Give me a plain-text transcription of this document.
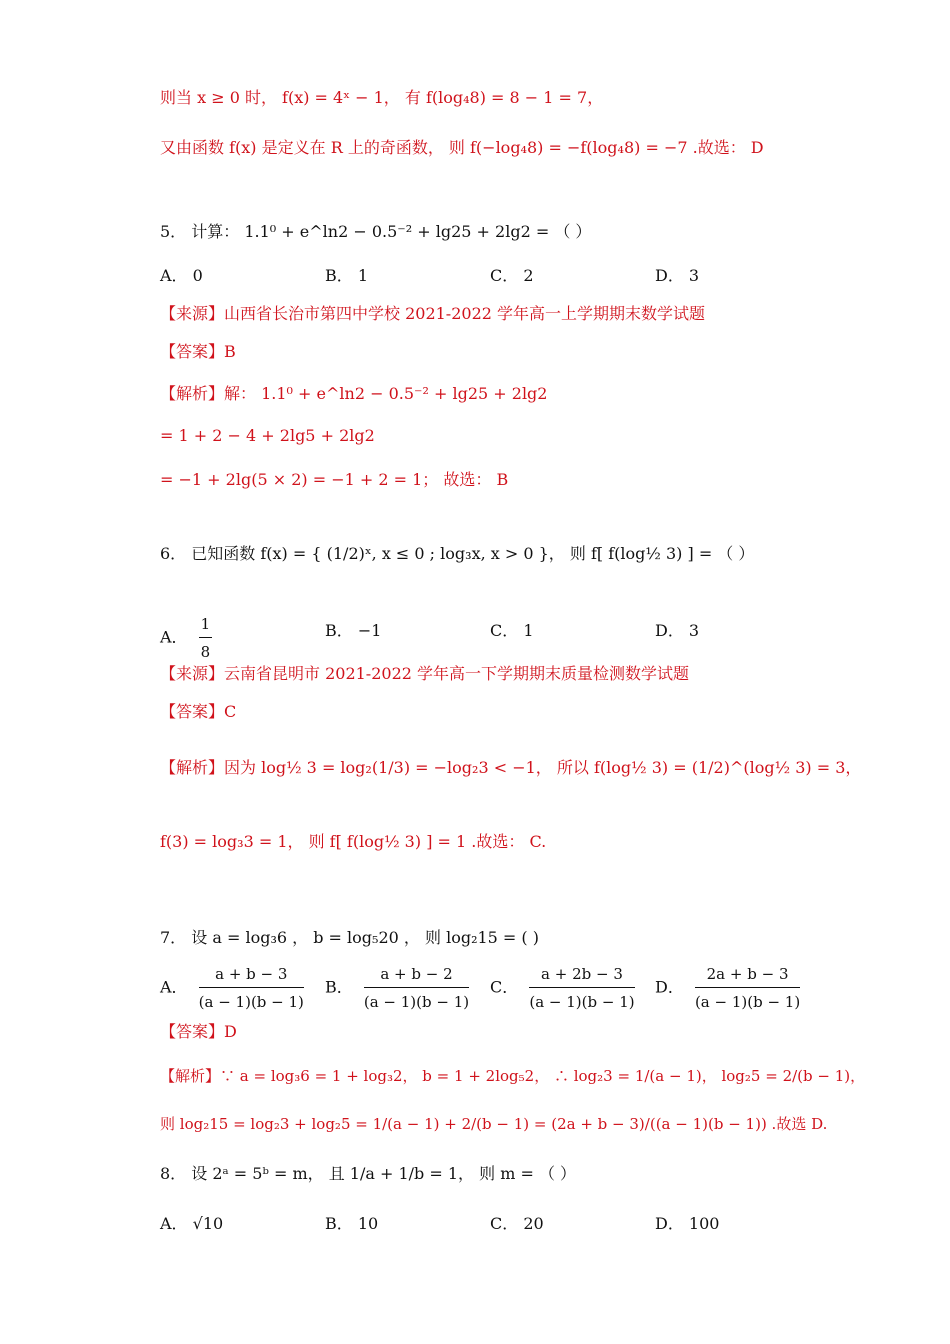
则当 x ≥ 0 时， f(x) = 4ˣ − 1， 有 f(log₄8) = 8 − 1 = 7，
又由函数 f(x) 是定义在 R 上的奇函数， 则 f(−log₄8) = −f(log₄8) = −7 .故选： D
5． 计算： 1.1⁰ + e^ln2 − 0.5⁻² + lg25 + 2lg2 = （ ）
A． 0	B． 1	C． 2	D． 3
【来源】山西省长治市第四中学校 2021-2022 学年高一上学期期末数学试题
【答案】B
【解析】解： 1.1⁰ + e^ln2 − 0.5⁻² + lg25 + 2lg2
= 1 + 2 − 4 + 2lg5 + 2lg2
= −1 + 2lg(5 × 2) = −1 + 2 = 1； 故选： B
6． 已知函数 f(x) = { (1/2)ˣ, x ≤ 0 ; log₃x, x > 0 }， 则 f[ f(log½ 3) ] = （ ）
A． $\frac{1}{8}$	B． −1	C． 1	D． 3
【来源】云南省昆明市 2021-2022 学年高一下学期期末质量检测数学试题
【答案】C
【解析】因为 log½ 3 = log₂(1/3) = −log₂3 < −1， 所以 f(log½ 3) = (1/2)^(log½ 3) = 3，
f(3) = log₃3 = 1， 则 f[ f(log½ 3) ] = 1 .故选： C.
7． 设 a = log₃6 ， b = log₅20 ， 则 log₂15 = ( )
A． $\frac{a + b - 3}{(a - 1)(b - 1)}$ B． $\frac{a + b - 2}{(a - 1)(b - 1)}$ C． $\frac{a + 2b - 3}{(a - 1)(b - 1)}$ D． $\frac{2a + b - 3}{(a - 1)(b - 1)}$
【答案】D
【解析】∵ a = log₃6 = 1 + log₃2， b = 1 + 2log₅2， ∴ log₂3 = 1/(a − 1)， log₂5 = 2/(b − 1)，
则 log₂15 = log₂3 + log₂5 = 1/(a − 1) + 2/(b − 1) = (2a + b − 3)/((a − 1)(b − 1)) .故选 D.
8． 设 2ᵃ = 5ᵇ = m， 且 1/a + 1/b = 1， 则 m = （ ）
A． √10	B． 10	C． 20	D． 100
